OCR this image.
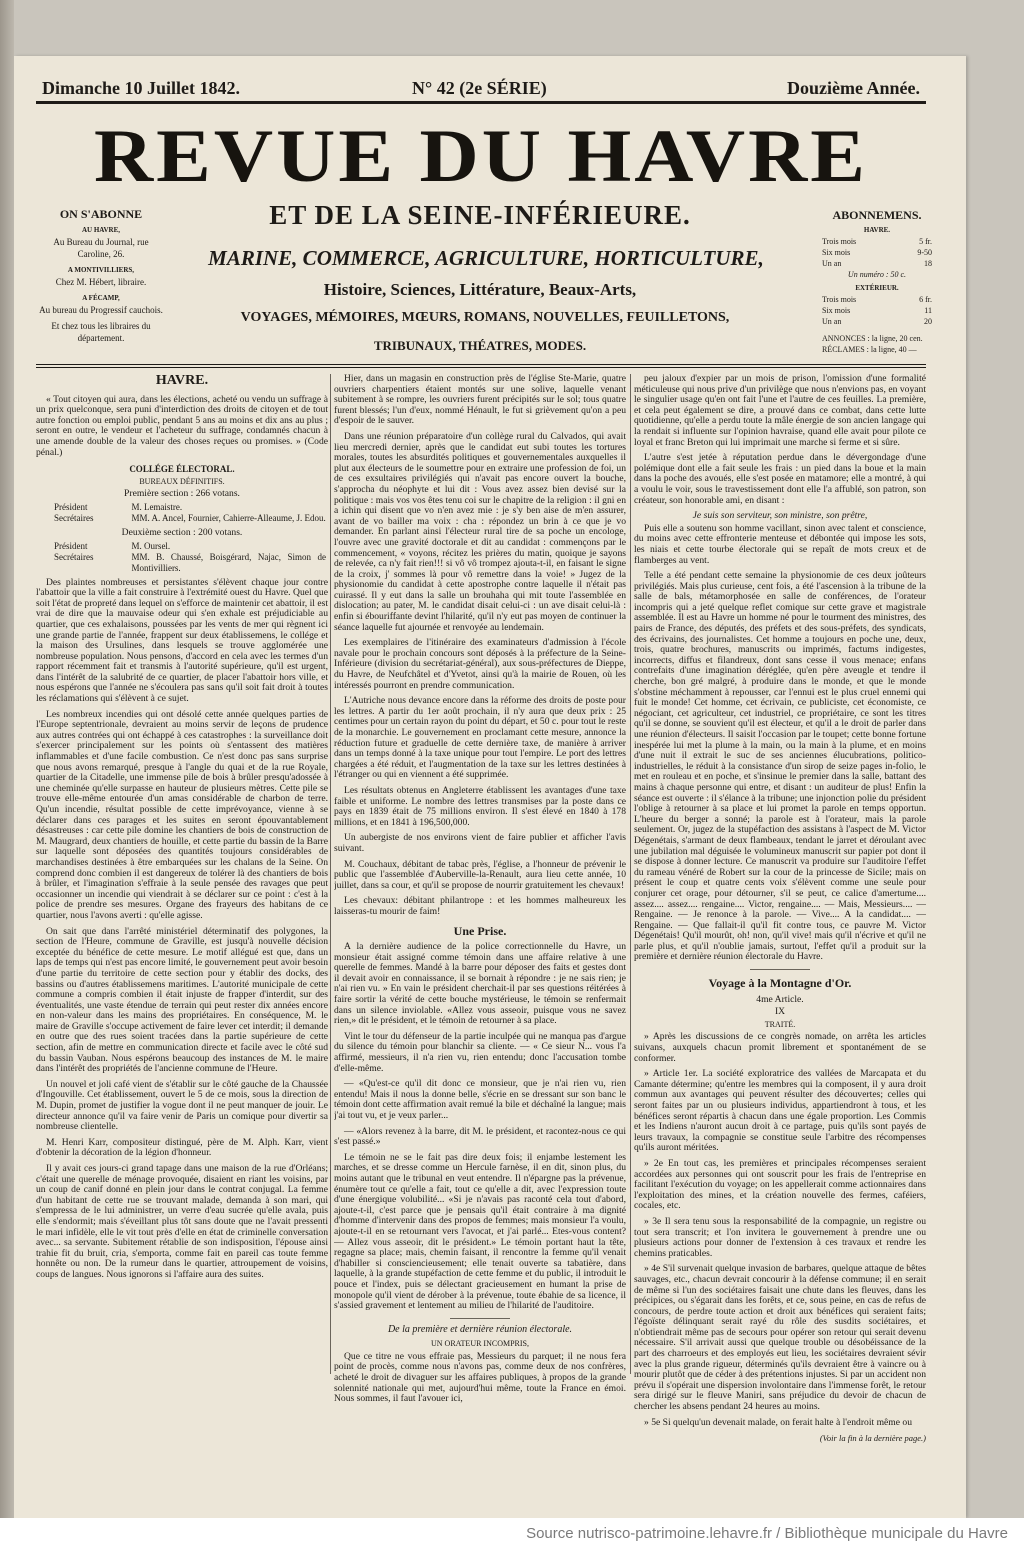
Dimanche 10 Juillet 1842.	N° 42 (2e SÉRIE)	Douzième Année.
REVUE DU HAVRE
ET DE LA SEINE-INFÉRIEURE.
MARINE, COMMERCE, AGRICULTURE, HORTICULTURE,
Histoire, Sciences, Littérature, Beaux-Arts,
VOYAGES, MÉMOIRES, MŒURS, ROMANS, NOUVELLES, FEUILLETONS,
TRIBUNAUX, THÉATRES, MODES.
ON S'ABONNE
AU HAVRE,
Au Bureau du Journal, rue Caroline, 26.
A MONTIVILLIERS,
Chez M. Hébert, libraire.
A FÉCAMP,
Au bureau du Progressif cauchois.
Et chez tous les libraires du département.
ABONNEMENS.
HAVRE.
Trois mois	5 fr.
Six mois	9-50
Un an	18
Un numéro : 50 c.
EXTÉRIEUR.
Trois mois	6 fr.
Six mois	11
Un an	20
ANNONCES : la ligne, 20 cen.
RÉCLAMES : la ligne, 40 —

HAVRE.

« Tout citoyen qui aura, dans les élections, acheté ou vendu un suffrage à un prix quelconque, sera puni d'interdiction des droits de citoyen et de tout autre fonction ou emploi public, pendant 5 ans au moins et dix ans au plus ; seront en outre, le vendeur et l'acheteur du suffrage, condamnés chacun à une amende double de la valeur des choses reçues ou promises. » (Code pénal.)

COLLÉGE ÉLECTORAL.

BUREAUX DÉFINITIFS.

Première section : 266 votans.

Président	M. Lemaistre.
Secrétaires	MM. A. Ancel, Fournier, Cahierre-Alleaume, J. Edou.

Deuxième section : 200 votans.

Président	M. Oursel.
Secrétaires	MM. B. Chaussé, Boisgérard, Najac, Simon de Montivilliers.

Des plaintes nombreuses et persistantes s'élèvent chaque jour contre l'abattoir que la ville a fait construire à l'extrémité ouest du Havre. Quel que soit l'état de propreté dans lequel on s'efforce de maintenir cet abattoir, il est vrai de dire que la mauvaise odeur qui s'en exhale est préjudiciable au quartier, que ces exhalaisons, poussées par les vents de mer qui règnent ici une grande partie de l'année, frappent sur deux établissemens, le collége et la maison des Ursulines, dans lesquels se trouve agglomérée une nombreuse population. Nous pensons, d'accord en cela avec les termes d'un rapport récemment fait et transmis à l'autorité supérieure, qu'il est urgent, dans l'intérêt de la salubrité de ce quartier, de placer l'abattoir hors ville, et nous espérons que l'année ne s'écoulera pas sans qu'il soit fait droit à toutes les réclamations qui s'élèvent à ce sujet.

Les nombreux incendies qui ont désolé cette année quelques parties de l'Europe septentrionale, devraient au moins servir de leçons de prudence aux autres contrées qui ont échappé à ces catastrophes : la surveillance doit s'exercer principalement sur les points où s'entassent des matières inflammables et d'une facile combustion. Ce n'est donc pas sans surprise que nous avons remarqué, presque à l'angle du quai et de la rue Royale, quartier de la Citadelle, une immense pile de bois à brûler presqu'adossée à une cheminée qu'elle surpasse en hauteur de plusieurs mètres. Cette pile se trouve elle-même entourée d'un amas considérable de charbon de terre. Qu'un incendie, résultat possible de cette imprévoyance, vienne à se déclarer dans ces parages et les suites en seront épouvantablement désastreuses : car cette pile domine les chantiers de bois de construction de M. Maugrard, deux chantiers de houille, et cette partie du bassin de la Barre sur laquelle sont déposées des quantités toujours considérables de marchandises destinées à être embarquées sur les chalans de la Seine. On comprend donc combien il est dangereux de tolérer là des chantiers de bois à brûler, et l'imagination s'effraie à la seule pensée des ravages que peut occasionner un incendie qui viendrait à se déclarer sur ce point : c'est à la police de prendre ses mesures. Organe des frayeurs des habitans de ce quartier, nous l'avons averti : qu'elle agisse.

On sait que dans l'arrêté ministériel déterminatif des polygones, la section de l'Heure, commune de Graville, est jusqu'à nouvelle décision exceptée du bénéfice de cette mesure. Le motif allégué est que, dans un laps de temps qui n'est pas encore limité, le gouvernement peut avoir besoin d'une partie du territoire de cette section pour y établir des docks, des bassins ou d'autres établissemens maritimes. L'autorité municipale de cette commune a compris combien il était injuste de frapper d'interdit, sur des éventualités, une vaste étendue de terrain qui peut rester dix années encore en non-valeur dans les mains des propriétaires. En conséquence, M. le maire de Graville s'occupe activement de faire lever cet interdit; il demande en outre que des rues soient tracées dans la partie supérieure de cette section, afin de mettre en communication directe et facile avec le côté sud du bassin Vauban. Nous espérons beaucoup des instances de M. le maire dans l'intérêt des propriétés de l'ancienne commune de l'Heure.

Un nouvel et joli café vient de s'établir sur le côté gauche de la Chaussée d'Ingouville. Cet établissement, ouvert le 5 de ce mois, sous la direction de M. Dupin, promet de justifier la vogue dont il ne peut manquer de jouir. Le directeur annonce qu'il va faire venir de Paris un comique pour divertir sa nombreuse clientelle.

M. Henri Karr, compositeur distingué, père de M. Alph. Karr, vient d'obtenir la décoration de la légion d'honneur.

Il y avait ces jours-ci grand tapage dans une maison de la rue d'Orléans; c'était une querelle de ménage provoquée, disaient en riant les voisins, par un coup de canif donné en plein jour dans le contrat conjugal. La femme d'un habitant de cette rue se trouvant malade, demanda à son mari, qui s'empressa de le lui administrer, un verre d'eau sucrée qu'elle avala, puis elle s'endormit; mais s'éveillant plus tôt sans doute que ne l'avait pressenti le mari infidèle, elle le vit tout près d'elle en état de criminelle conversation avec... sa servante. Subitement rétablie de son indisposition, l'épouse ainsi trahie fit du bruit, cria, s'emporta, comme fait en pareil cas toute femme honnête ou non. De la rumeur dans le quartier, attroupement de voisins, coups de langues. Nous ignorons si l'affaire aura des suites.

Hier, dans un magasin en construction près de l'église Ste-Marie, quatre ouvriers charpentiers étaient montés sur une solive, laquelle venant subitement à se rompre, les ouvriers furent précipités sur le sol; tous quatre furent blessés; l'un d'eux, nommé Hénault, le fut si grièvement qu'on a peu d'espoir de le sauver.

Dans une réunion préparatoire d'un collège rural du Calvados, qui avait lieu mercredi dernier, après que le candidat eut subi toutes les tortures morales, toutes les absurdités politiques et gouvernementales auxquelles il plut aux électeurs de le soumettre pour en extraire une profession de foi, un de ces exsultaires privilégiés qui n'avait pas encore ouvert la bouche, s'approcha du néophyte et lui dit : Vous avez assez bien devisé sur la politique : mais vos vos êtes tenu coi sur le chapitre de la religion : il gni en a ichin qui disent que vo n'en avez mie : je s'y ben aise de m'en assurer, avant de vo bailler ma voix : cha : répondez un brin à ce que je vo demander. En parlant ainsi l'électeur rural tire de sa poche un encologe, l'ouvre avec une gravité doctorale et dit au candidat : commençons par le commencement, « voyons, récitez les prières du matin, quoique je sayons de relevée, ca n'y fait rien!!! si vô vô trompez ajouta-t-il, en faisant le signe de la croix, j' sommes là pour vô remettre dans la voie! » Jugez de la physionomie du candidat à cette apostrophe contre laquelle il n'était pas cuirassé. Il y eut dans la salle un brouhaha qui mit toute l'assemblée en dislocation; au pater, M. le candidat disait celui-ci : un ave disait celui-là : enfin si ébouriffante devint l'hilarité, qu'il n'y eut pas moyen de continuer la séance laquelle fut ajournée et renvoyée au lendemain.

Les exemplaires de l'itinéraire des examinateurs d'admission à l'école navale pour le prochain concours sont déposés à la préfecture de la Seine-Inférieure (division du secrétariat-général), aux sous-préfectures de Dieppe, du Havre, de Neufchâtel et d'Yvetot, ainsi qu'à la mairie de Rouen, où les intéressés pourront en prendre communication.

L'Autriche nous devance encore dans la réforme des droits de poste pour les lettres. A partir du 1er août prochain, il n'y aura que deux prix : 25 centimes pour un certain rayon du point du départ, et 50 c. pour tout le reste de la monarchie. Le gouvernement en proclamant cette mesure, annonce la réduction future et graduelle de cette dernière taxe, de manière à arriver dans un temps donné à la taxe unique pour tout l'empire. Le port des lettres chargées a été réduit, et l'augmentation de la taxe sur les lettres destinées à l'étranger ou qui en viennent a été supprimée.

Les résultats obtenus en Angleterre établissent les avantages d'une taxe faible et uniforme. Le nombre des lettres transmises par la poste dans ce pays en 1839 était de 75 millions environ. Il s'est élevé en 1840 à 178 millions, et en 1841 à 196,500,000.

Un aubergiste de nos environs vient de faire publier et afficher l'avis suivant.

M. Couchaux, débitant de tabac près, l'église, a l'honneur de prévenir le public que l'assemblée d'Auberville-la-Renault, aura lieu cette année, 10 juillet, dans sa cour, et qu'il se propose de nourrir gratuitement les chevaux!

Les chevaux: débitant philantrope : et les hommes malheureux les laisseras-tu mourir de faim!

Une Prise.

A la dernière audience de la police correctionnelle du Havre, un monsieur était assigné comme témoin dans une affaire relative à une querelle de femmes. Mandé à la barre pour déposer des faits et gestes dont il devait avoir en connaissance, il se bornait à répondre : je ne sais rien; je n'ai rien vu. » En vain le président cherchait-il par ses questions réitérées à faire sortir la vérité de cette bouche mystérieuse, le témoin se renfermait dans un silence inviolable. «Allez vous asseoir, puisque vous ne savez rien,» dit le président, et le témoin de retourner à sa place.

Vint le tour du défenseur de la partie inculpée qui ne manqua pas d'argue du silence du témoin pour blanchir sa cliente. — « Ce sieur N... vous l'a affirmé, messieurs, il n'a rien vu, rien entendu; donc l'accusation tombe d'elle-même.

— «Qu'est-ce qu'il dit donc ce monsieur, que je n'ai rien vu, rien entendu! Mais il nous la donne belle, s'écrie en se dressant sur son banc le témoin dont cette affirmation avait remué la bile et déchaîné la langue; mais j'ai tout vu, et je veux parler...

— «Alors revenez à la barre, dit M. le président, et racontez-nous ce qui s'est passé.»

Le témoin ne se le fait pas dire deux fois; il enjambe lestement les marches, et se dresse comme un Hercule farnèse, il en dit, sinon plus, du moins autant que le tribunal en veut entendre. Il n'épargne pas la prévenue, énumère tout ce qu'elle a fait, tout ce qu'elle a dit, avec l'expression toute d'une énergique volubilité... «Si je n'avais pas raconté cela tout d'abord, ajoute-t-il, c'est parce que je pensais qu'il était contraire à ma dignité d'homme d'intervenir dans des propos de femmes; mais monsieur l'a voulu, ajoute-t-il en se retournant vers l'avocat, et j'ai parlé... Etes-vous content? — Allez vous asseoir, dit le président.» Le témoin portant haut la tête, regagne sa place; mais, chemin faisant, il rencontre la femme qu'il venait d'habiller si consciencieusement; elle tenait ouverte sa tabatière, dans laquelle, à la grande stupéfaction de cette femme et du public, il introduit le pouce et l'index, puis se délectant gracieusement en humant la prise de monopole qu'il vient de dérober à la prévenue, toute ébahie de sa licence, il s'assied gravement et lentement au milieu de l'hilarité de l'auditoire.

De la première et dernière réunion électorale.

UN ORATEUR INCOMPRIS,

Que ce titre ne vous effraie pas, Messieurs du parquet; il ne nous fera point de procès, comme nous n'avons pas, comme deux de nos confrères, acheté le droit de divaguer sur les affaires publiques, à propos de la grande solennité nationale qui met, aujourd'hui même, toute la France en émoi. Nous sommes, il faut l'avouer ici,

peu jaloux d'expier par un mois de prison, l'omission d'une formalité méticuleuse qui nous prive d'un privilège que nous n'envions pas, en voyant le singulier usage qu'en ont fait l'une et l'autre de ces feuilles. La première, et cela peut également se dire, a prouvé dans ce combat, dans cette lutte quotidienne, qu'elle a perdu toute la mâle énergie de son ancien langage qui la rendait si influente sur l'opinion havraise, quand elle avait pour pilote ce loyal et franc Breton qui lui imprimait une marche si ferme et si sûre.

L'autre s'est jetée à réputation perdue dans le dévergondage d'une polémique dont elle a fait seule les frais : un pied dans la boue et la main dans la poche des avoués, elle s'est posée en matamore; elle a montré, à qui a voulu le voir, sous le travestissement dont elle l'a affublé, son patron, son créateur, son honorable ami, en disant :

Je suis son serviteur, son ministre, son prêtre,

Puis elle a soutenu son homme vacillant, sinon avec talent et conscience, du moins avec cette effronterie menteuse et débontée qui impose les sots, les niais et cette tourbe électorale qui se repaît de mots creux et de flamberges au vent.

Telle a été pendant cette semaine la physionomie de ces deux joûteurs privilégiés. Mais plus curieuse, cent fois, a été l'ascension à la tribune de la salle de bals, métamorphosée en salle de conférences, de l'orateur incompris qui a jeté quelque reflet comique sur cette grave et magistrale assemblée. Il est au Havre un homme né pour le tourment des ministres, des pairs de France, des députés, des préfets et des sous-préfets, des syndicats, des écrivains, des journalistes. Cet homme a toujours en poche une, deux, trois, quatre brochures, manuscrits ou imprimés, factums indigestes, incorrects, diffus et filandreux, dont sans cesse il vous menace; enfans contrefaits d'une imagination déréglée, qu'en père aveugle et tendre il cherche, bon gré malgré, à produire dans le monde, et que le monde s'obstine méchamment à repousser, car l'ennui est le plus cruel ennemi qui fuit le monde! Cet homme, cet écrivain, ce publiciste, cet économiste, ce négociant, cet agriculteur, cet industriel, ce propriétaire, ce sont les titres qu'il se donne, se souvient qu'il est électeur, et qu'il a le droit de parler dans une réunion d'électeurs. Il saisit l'occasion par le toupet; cette bonne fortune inespérée lui met la plume à la main, ou la main à la plume, et en moins d'une nuit il extrait le suc de ses anciennes élucubrations, politico-industrielles, le réduit à la consistance d'un sirop de seize pages in-folio, le met en rouleau et en poche, et s'insinue le premier dans la salle, battant des mains à chaque personne qui entre, et disant : un auditeur de plus! Enfin la séance est ouverte : il s'élance à la tribune; une injonction polie du président l'oblige à retourner à sa place et lui promet la parole en temps opportun. L'heure du berger a sonné; la parole est à l'orateur, mais la parole seulement. Or, jugez de la stupéfaction des assistans à l'aspect de M. Victor Dégenétais, s'armant de deux flambeaux, tendant le jarret et déroulant avec une jubilation mal déguisée le volumineux manuscrit sur papier pot dont il se dispose à donner lecture. Ce manuscrit va produire sur l'auditoire l'effet du rameau vénéré de Robert sur la cour de la princesse de Sicile; mais on présent le coup et quatre cents voix s'élèvent comme une seule pour conjurer cet orage, pour détourner, s'il se peut, ce calice d'amertume.... assez.... assez.... rengaine.... Victor, rengaine.... — Mais, Messieurs.... — Rengaine. — Je renonce à la parole. — Vive.... A la candidat.... — Rengaine. — Que fallait-il qu'il fit contre tous, ce pauvre M. Victor Dégenétais! Qu'il mourût, oh! non, qu'il vive! mais qu'il n'écrive et qu'il ne parle plus, et qu'il n'oublie jamais, surtout, l'effet qu'il a produit sur la première et dernière réunion électorale du Havre.

Voyage à la Montagne d'Or.

4me Article.

IX

TRAITÉ.

» Après les discussions de ce congrès nomade, on arrêta les articles suivans, auxquels chacun promit librement et spontanément de se conformer.

» Article 1er. La société exploratrice des vallées de Marcapata et du Camante détermine; qu'entre les membres qui la composent, il y aura droit commun aux avantages qui peuvent résulter des découvertes; celles qui seront faites par un ou plusieurs individus, appartiendront à tous, et les bénéfices seront répartis à chacun dans une égale proportion. Les Commis et les Indiens n'auront aucun droit à ce partage, puis qu'ils sont payés de leurs travaux, la compagnie se constitue seule l'arbitre des récompenses qu'ils auront méritées.

» 2e En tout cas, les premières et principales récompenses seraient accordées aux personnes qui ont souscrit pour les frais de l'entreprise en facilitant l'exécution du voyage; on les appellerait comme actionnaires dans l'exploitation des mines, et la création nouvelle des fermes, caféiers, cocales, etc.

» 3e Il sera tenu sous la responsabilité de la compagnie, un registre ou tout sera transcrit; et l'on invitera le gouvernement à prendre une ou plusieurs actions pour donner de l'extension à ces travaux et rendre les chemins praticables.

» 4e S'il survenait quelque invasion de barbares, quelque attaque de bêtes sauvages, etc., chacun devrait concourir à la défense commune; il en serait de même si l'un des sociétaires faisait une chute dans les fleuves, dans les précipices, ou s'égarait dans les forêts, et ce, sous peine, en cas de refus de concours, de perdre toute action et droit aux bénéfices qui seraient faits; l'égoïste délinquant serait rayé du rôle des susdits sociétaires, et n'obtiendrait même pas de secours pour opérer son retour qui serait devenu nécessaire. S'il arrivait aussi que quelque trouble ou désobéissance de la part des charroeurs et des employés eut lieu, les sociétaires devraient sévir avec la plus grande rigueur, déterminés qu'ils devraient être à vaincre ou à mourir plutôt que de céder à des prétentions injustes. Si par un accident non prévu il s'opérait une dispersion involontaire dans l'immense forêt, le retour sera dirigé sur le fleuve Maniri, sans préjudice du devoir de chacun de chercher les absens pendant 24 heures au moins.

» 5e Si quelqu'un devenait malade, on ferait halte à l'endroit même ou

(Voir la fin à la dernière page.)

Source nutrisco-patrimoine.lehavre.fr / Bibliothèque municipale du Havre
